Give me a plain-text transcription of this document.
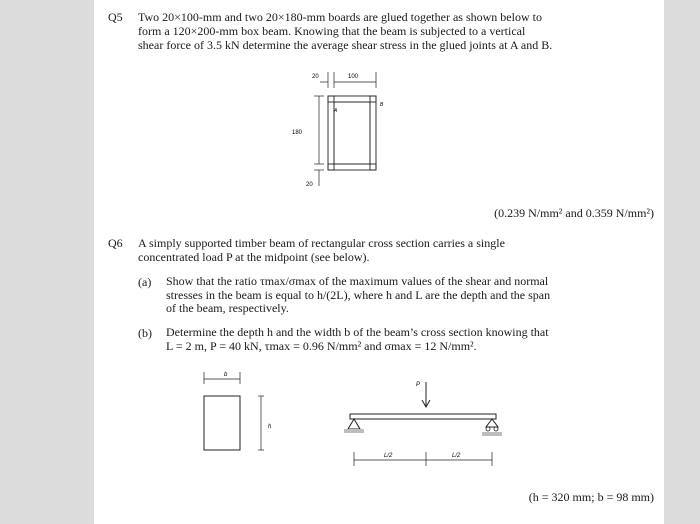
Q5 Two 20×100-mm and two 20×180-mm boards are glued together as shown below to
form a 120×200-mm box beam. Knowing that the beam is subjected to a vertical
shear force of 3.5 kN determine the average shear stress in the glued joints at A and B.
20	100
A
B
180
20
(0.239 N/mm² and 0.359 N/mm²)
Q6 A simply supported timber beam of rectangular cross section carries a single
concentrated load P at the midpoint (see below).
(a) Show that the ratio τmax/σmax of the maximum values of the shear and normal
stresses in the beam is equal to h/(2L), where h and L are the depth and the span
of the beam, respectively.
(b) Determine the depth h and the width b of the beam’s cross section knowing that
L = 2 m, P = 40 kN, τmax = 0.96 N/mm² and σmax = 12 N/mm².
b
h
P
L/2	L/2
(h = 320 mm; b = 98 mm)
